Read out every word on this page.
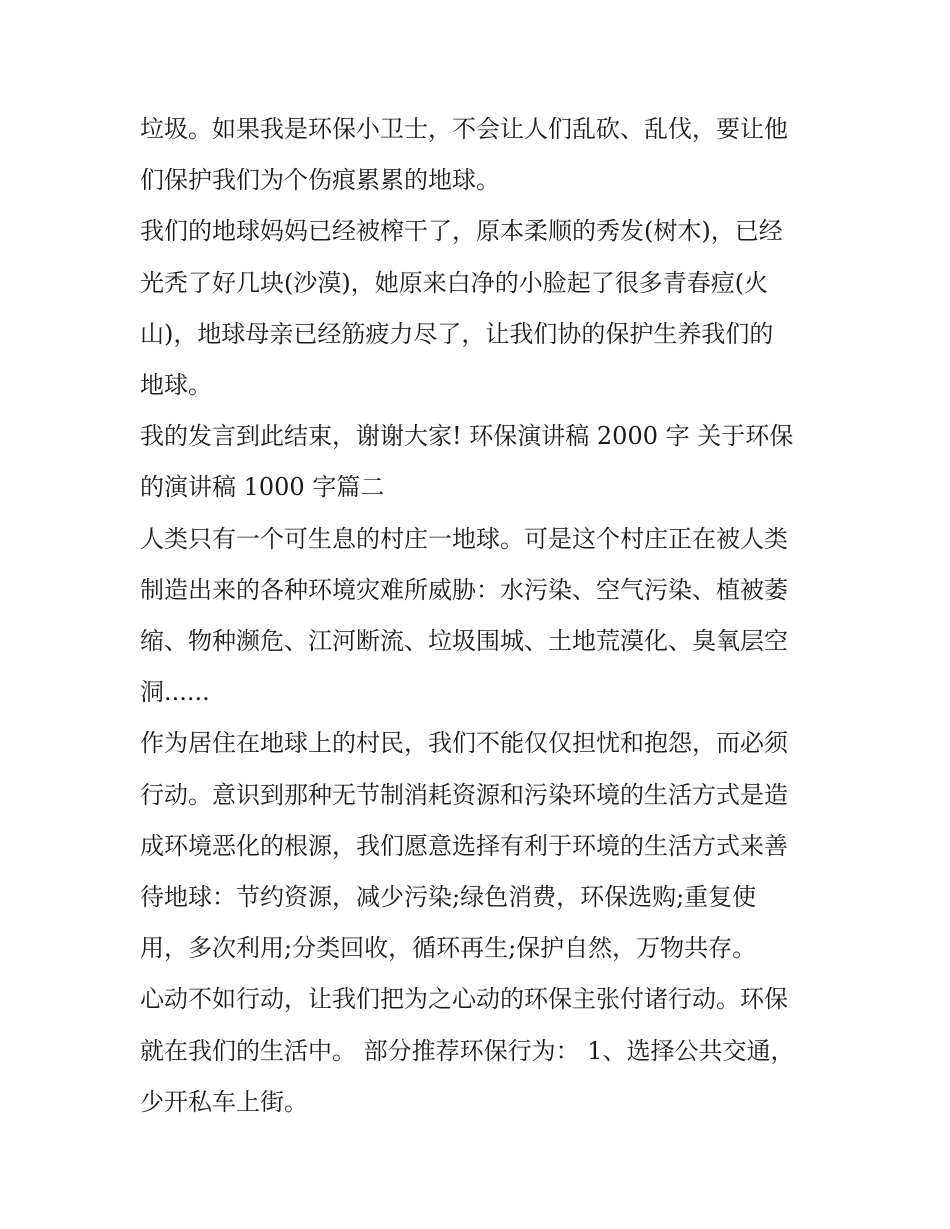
垃圾。如果我是环保小卫士，不会让人们乱砍、乱伐，要让他
们保护我们为个伤痕累累的地球。

我们的地球妈妈已经被榨干了，原本柔顺的秀发(树木)，已经
光秃了好几块(沙漠)，她原来白净的小脸起了很多青春痘(火
山)，地球母亲已经筋疲力尽了，让我们协的保护生养我们的
地球。

我的发言到此结束，谢谢大家! 环保演讲稿 2000 字 关于环保
的演讲稿 1000 字篇二

人类只有一个可生息的村庄一地球。可是这个村庄正在被人类
制造出来的各种环境灾难所威胁：水污染、空气污染、植被萎
缩、物种濒危、江河断流、垃圾围城、土地荒漠化、臭氧层空
洞......

作为居住在地球上的村民，我们不能仅仅担忧和抱怨，而必须
行动。意识到那种无节制消耗资源和污染环境的生活方式是造
成环境恶化的根源，我们愿意选择有利于环境的生活方式来善
待地球：节约资源，减少污染;绿色消费，环保选购;重复使
用，多次利用;分类回收，循环再生;保护自然，万物共存。

心动不如行动，让我们把为之心动的环保主张付诸行动。环保
就在我们的生活中。 部分推荐环保行为： 1、选择公共交通，
少开私车上街。
